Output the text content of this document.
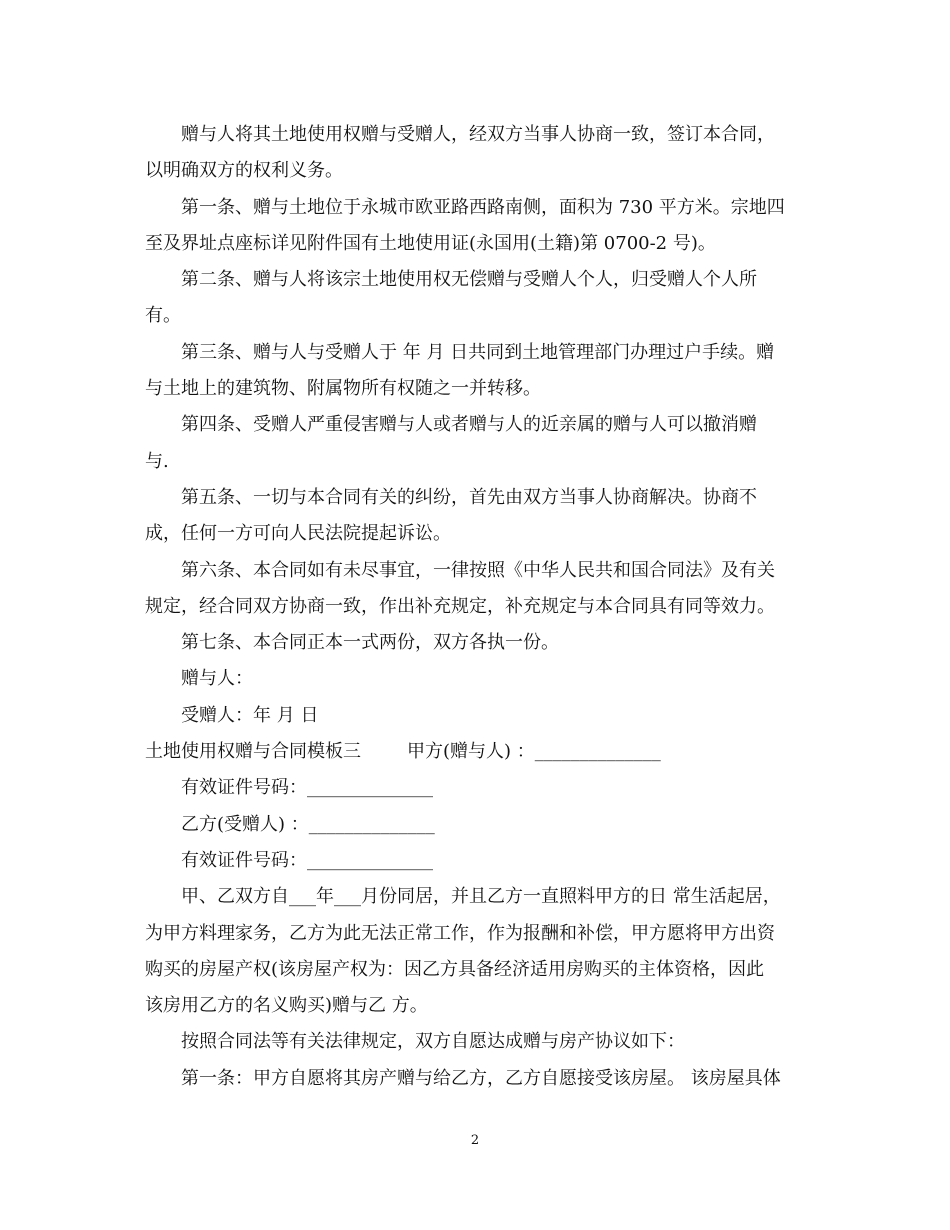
赠与人将其土地使用权赠与受赠人，经双方当事人协商一致，签订本合同，
以明确双方的权利义务。
第一条、赠与土地位于永城市欧亚路西路南侧，面积为 730 平方米。宗地四
至及界址点座标详见附件国有土地使用证(永国用(土籍)第 0700-2 号)。
第二条、赠与人将该宗土地使用权无偿赠与受赠人个人，归受赠人个人所
有。
第三条、赠与人与受赠人于 年 月 日共同到土地管理部门办理过户手续。赠
与土地上的建筑物、附属物所有权随之一并转移。
第四条、受赠人严重侵害赠与人或者赠与人的近亲属的赠与人可以撤消赠
与.
第五条、一切与本合同有关的纠纷，首先由双方当事人协商解决。协商不
成，任何一方可向人民法院提起诉讼。
第六条、本合同如有未尽事宜，一律按照《中华人民共和国合同法》及有关
规定，经合同双方协商一致，作出补充规定，补充规定与本合同具有同等效力。
第七条、本合同正本一式两份，双方各执一份。
赠与人：
受赠人：年 月 日
土地使用权赠与合同模板三	甲方(赠与人) ：______________
有效证件号码：______________
乙方(受赠人) ：______________
有效证件号码：______________
甲、乙双方自___年___月份同居，并且乙方一直照料甲方的日 常生活起居，
为甲方料理家务，乙方为此无法正常工作，作为报酬和补偿，甲方愿将甲方出资
购买的房屋产权(该房屋产权为：因乙方具备经济适用房购买的主体资格，因此
该房用乙方的名义购买)赠与乙 方。
按照合同法等有关法律规定，双方自愿达成赠与房产协议如下：
第一条：甲方自愿将其房产赠与给乙方，乙方自愿接受该房屋。 该房屋具体
2
